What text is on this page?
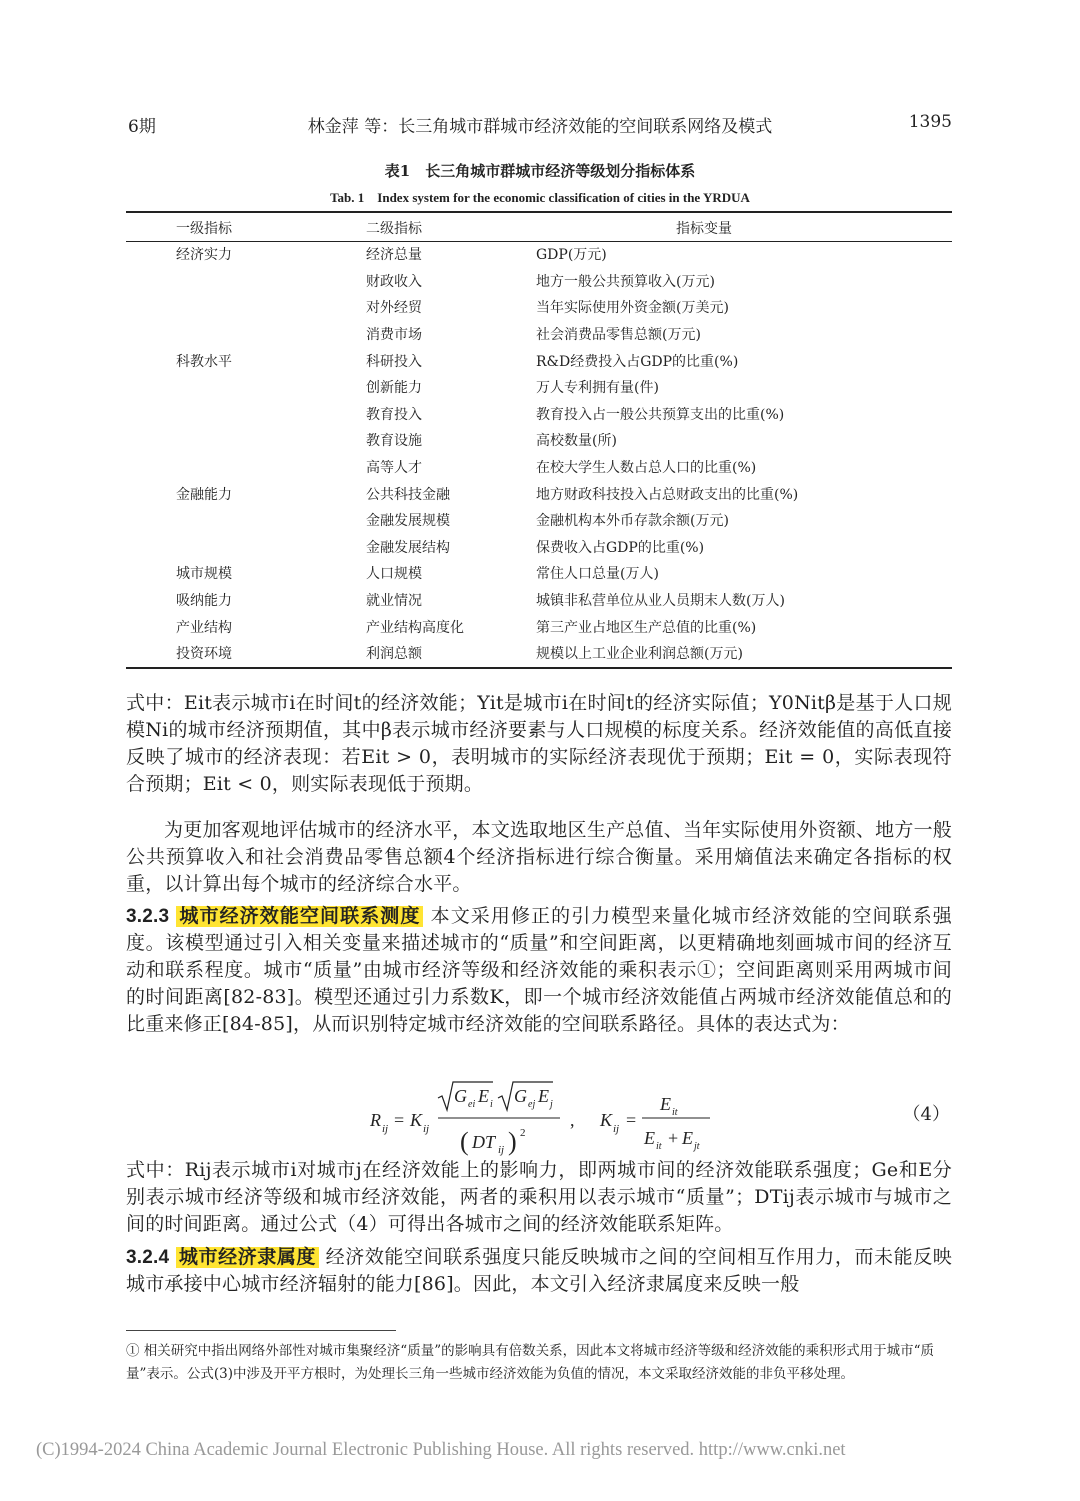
6期	林金萍 等：长三角城市群城市经济效能的空间联系网络及模式	1395
表1　长三角城市群城市经济等级划分指标体系
Tab. 1　Index system for the economic classification of cities in the YRDUA
一级指标	二级指标	指标变量
经济实力	经济总量	GDP(万元)
	财政收入	地方一般公共预算收入(万元)
	对外经贸	当年实际使用外资金额(万美元)
	消费市场	社会消费品零售总额(万元)
科教水平	科研投入	R&D经费投入占GDP的比重(%)
	创新能力	万人专利拥有量(件)
	教育投入	教育投入占一般公共预算支出的比重(%)
	教育设施	高校数量(所)
	高等人才	在校大学生人数占总人口的比重(%)
金融能力	公共科技金融	地方财政科技投入占总财政支出的比重(%)
	金融发展规模	金融机构本外币存款余额(万元)
	金融发展结构	保费收入占GDP的比重(%)
城市规模	人口规模	常住人口总量(万人)
吸纳能力	就业情况	城镇非私营单位从业人员期末人数(万人)
产业结构	产业结构高度化	第三产业占地区生产总值的比重(%)
投资环境	利润总额	规模以上工业企业利润总额(万元)
式中：Eit表示城市i在时间t的经济效能；Yit是城市i在时间t的经济实际值；Y0Nitβ是基于人口规模Ni的城市经济预期值，其中β表示城市经济要素与人口规模的标度关系。经济效能值的高低直接反映了城市的经济表现：若Eit > 0，表明城市的实际经济表现优于预期；Eit = 0，实际表现符合预期；Eit < 0，则实际表现低于预期。
为更加客观地评估城市的经济水平，本文选取地区生产总值、当年实际使用外资额、地方一般公共预算收入和社会消费品零售总额4个经济指标进行综合衡量。采用熵值法来确定各指标的权重，以计算出每个城市的经济综合水平。
3.2.3 城市经济效能空间联系测度 本文采用修正的引力模型来量化城市经济效能的空间联系强度。该模型通过引入相关变量来描述城市的“质量”和空间距离，以更精确地刻画城市间的经济互动和联系程度。城市“质量”由城市经济等级和经济效能的乘积表示①；空间距离则采用两城市间的时间距离[82-83]。模型还通过引力系数K，即一个城市经济效能值占两城市经济效能值总和的比重来修正[84-85]，从而识别特定城市经济效能的空间联系路径。具体的表达式为：
R ij = K ij
G ei E i G ej E j
( DT ij ) 2
, K ij =
E it
E it + E jt
（4）
式中：Rij表示城市i对城市j在经济效能上的影响力，即两城市间的经济效能联系强度；Ge和E分别表示城市经济等级和城市经济效能，两者的乘积用以表示城市“质量”；DTij表示城市与城市之间的时间距离。通过公式（4）可得出各城市之间的经济效能联系矩阵。
3.2.4 城市经济隶属度 经济效能空间联系强度只能反映城市之间的空间相互作用力，而未能反映城市承接中心城市经济辐射的能力[86]。因此，本文引入经济隶属度来反映一般
① 相关研究中指出网络外部性对城市集聚经济“质量”的影响具有倍数关系，因此本文将城市经济等级和经济效能的乘积形式用于城市“质量”表示。公式(3)中涉及开平方根时，为处理长三角一些城市经济效能为负值的情况，本文采取经济效能的非负平移处理。
(C)1994-2024 China Academic Journal Electronic Publishing House. All rights reserved. http://www.cnki.net
